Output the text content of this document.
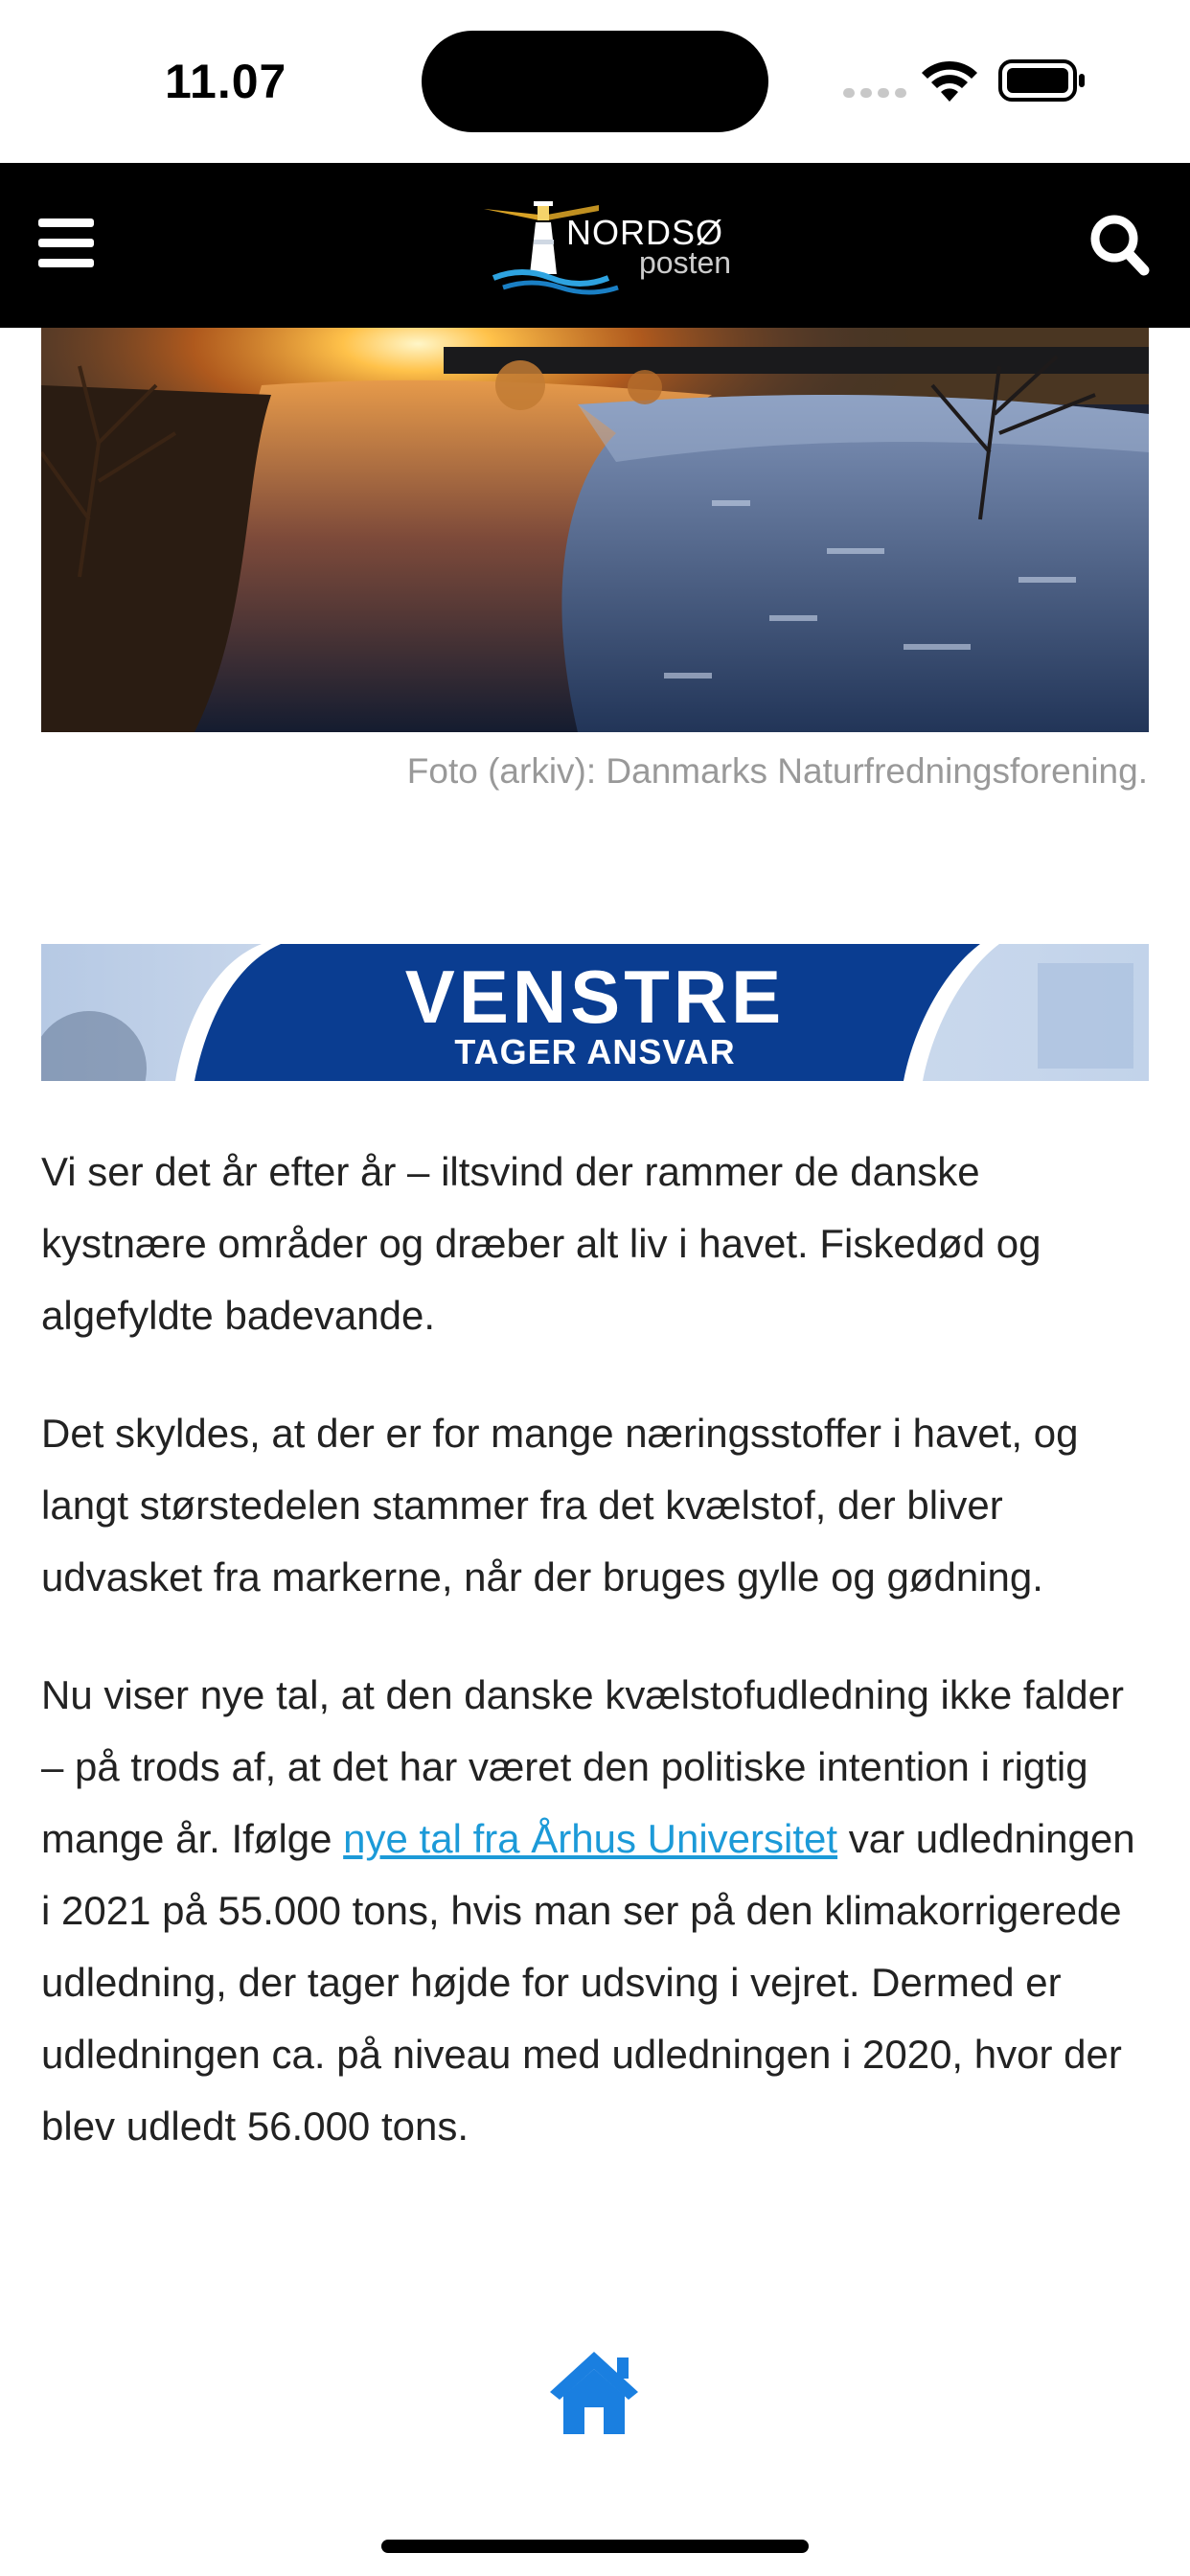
11.07
NORDSØ
posten
Foto (arkiv): Danmarks Naturfredningsforening.
VENSTRE
TAGER ANSVAR

Vi ser det år efter år – iltsvind der rammer de danske kystnære områder og dræber alt liv i havet. Fiskedød og algefyldte badevande.

Det skyldes, at der er for mange næringsstoffer i havet, og langt størstedelen stammer fra det kvælstof, der bliver udvasket fra markerne, når der bruges gylle og gødning.

Nu viser nye tal, at den danske kvælstofudledning ikke falder – på trods af, at det har været den politiske intention i rigtig mange år. Ifølge nye tal fra Århus Universitet var udledningen i 2021 på 55.000 tons, hvis man ser på den klimakorrigerede udledning, der tager højde for udsving i vejret. Dermed er udledningen ca. på niveau med udledningen i 2020, hvor der blev udledt 56.000 tons.
